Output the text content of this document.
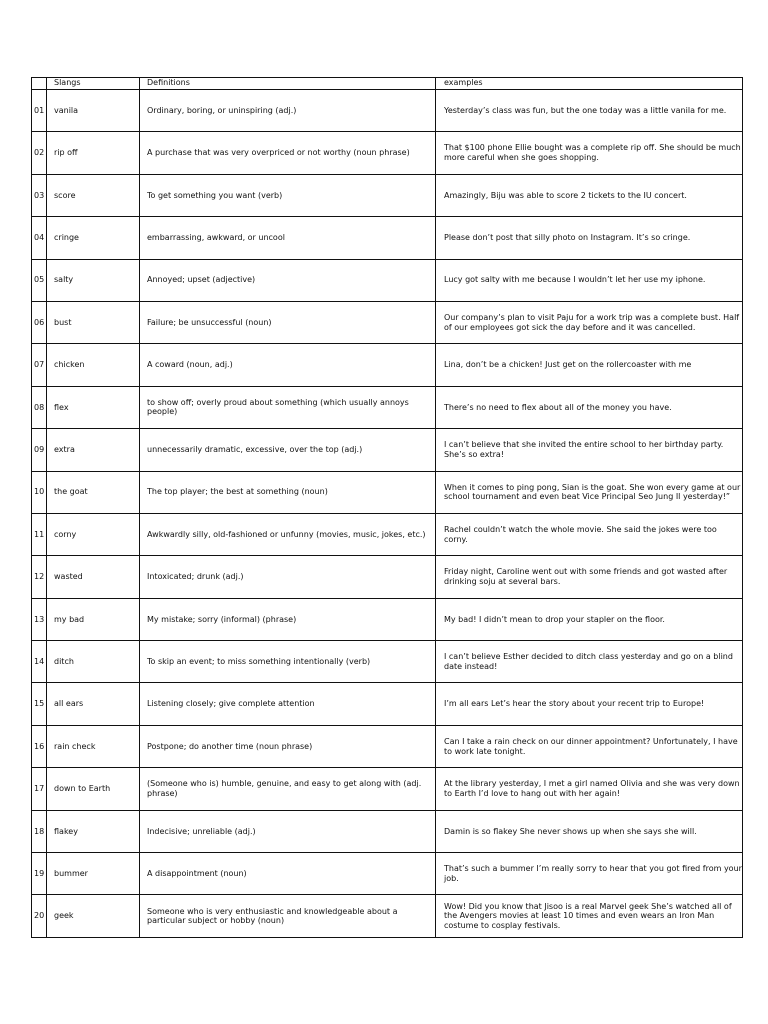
	Slangs	Definitions	examples
01	vanila	Ordinary, boring, or uninspiring (adj.)	Yesterday’s class was fun, but the one today was a little vanila for me.
02	rip off	A purchase that was very overpriced or not worthy (noun phrase)	That $100 phone Ellie bought was a complete rip off. She should be much more careful when she goes shopping.
03	score	To get something you want (verb)	Amazingly, Biju was able to score 2 tickets to the IU concert.
04	cringe	embarrassing, awkward, or uncool	Please don’t post that silly photo on Instagram. It’s so cringe.
05	salty	Annoyed; upset (adjective)	Lucy got salty with me because I wouldn’t let her use my iphone.
06	bust	Failure; be unsuccessful (noun)	Our company’s plan to visit Paju for a work trip was a complete bust. Half of our employees got sick the day before and it was cancelled.
07	chicken	A coward (noun, adj.)	Lina, don’t be a chicken! Just get on the rollercoaster with me
08	flex	to show off; overly proud about something (which usually annoys people)	There’s no need to flex about all of the money you have.
09	extra	unnecessarily dramatic, excessive, over the top (adj.)	I can’t believe that she invited the entire school to her birthday party. She’s so extra!
10	the goat	The top player; the best at something (noun)	When it comes to ping pong, Sian is the goat. She won every game at our school tournament and even beat Vice Principal Seo Jung Il yesterday!”
11	corny	Awkwardly silly, old-fashioned or unfunny (movies, music, jokes, etc.)	Rachel couldn’t watch the whole movie. She said the jokes were too corny.
12	wasted	Intoxicated; drunk (adj.)	Friday night, Caroline went out with some friends and got wasted after drinking soju at several bars.
13	my bad	My mistake; sorry (informal) (phrase)	My bad! I didn’t mean to drop your stapler on the floor.
14	ditch	To skip an event; to miss something intentionally (verb)	I can’t believe Esther decided to ditch class yesterday and go on a blind date instead!
15	all ears	Listening closely; give complete attention	I’m all ears Let’s hear the story about your recent trip to Europe!
16	rain check	Postpone; do another time (noun phrase)	Can I take a rain check on our dinner appointment? Unfortunately, I have to work late tonight.
17	down to Earth	(Someone who is) humble, genuine, and easy to get along with (adj. phrase)	At the library yesterday, I met a girl named Olivia and she was very down to Earth I’d love to hang out with her again!
18	flakey	Indecisive; unreliable (adj.)	Damin is so flakey She never shows up when she says she will.
19	bummer	A disappointment (noun)	That’s such a bummer I’m really sorry to hear that you got fired from your job.
20	geek	Someone who is very enthusiastic and knowledgeable about a particular subject or hobby (noun)	Wow! Did you know that Jisoo is a real Marvel geek She’s watched all of the Avengers movies at least 10 times and even wears an Iron Man costume to cosplay festivals.
